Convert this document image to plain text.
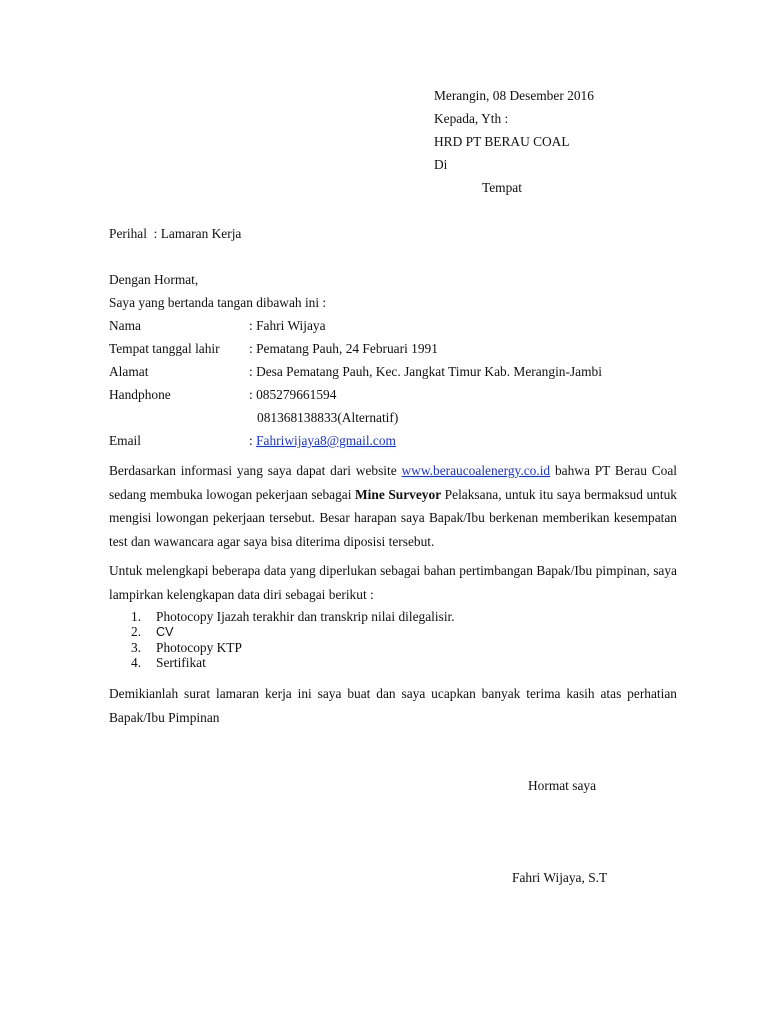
Merangin, 08 Desember 2016
Kepada, Yth :
HRD PT BERAU COAL
Di
Tempat
Perihal  : Lamaran Kerja
Dengan Hormat,
Saya yang bertanda tangan dibawah ini :
Nama	: Fahri Wijaya
Tempat tanggal lahir : Pematang Pauh, 24 Februari 1991
Alamat	: Desa Pematang Pauh, Kec. Jangkat Timur Kab. Merangin-Jambi
Handphone	: 085279661594
081368138833(Alternatif)
Email	: Fahriwijaya8@gmail.com
Berdasarkan informasi yang saya dapat dari website www.beraucoalenergy.co.id bahwa PT Berau Coal sedang membuka lowogan pekerjaan sebagai Mine Surveyor Pelaksana, untuk itu saya bermaksud untuk mengisi lowongan pekerjaan tersebut. Besar harapan saya Bapak/Ibu berkenan memberikan kesempatan test dan wawancara agar saya bisa diterima diposisi tersebut.
Untuk melengkapi beberapa data yang diperlukan sebagai bahan pertimbangan Bapak/Ibu pimpinan, saya lampirkan kelengkapan data diri sebagai berikut :
1. Photocopy Ijazah terakhir dan transkrip nilai dilegalisir.
2. CV
3. Photocopy KTP
4. Sertifikat
Demikianlah surat lamaran kerja ini saya buat dan saya ucapkan banyak terima kasih atas perhatian Bapak/Ibu Pimpinan
Hormat saya
Fahri Wijaya, S.T
